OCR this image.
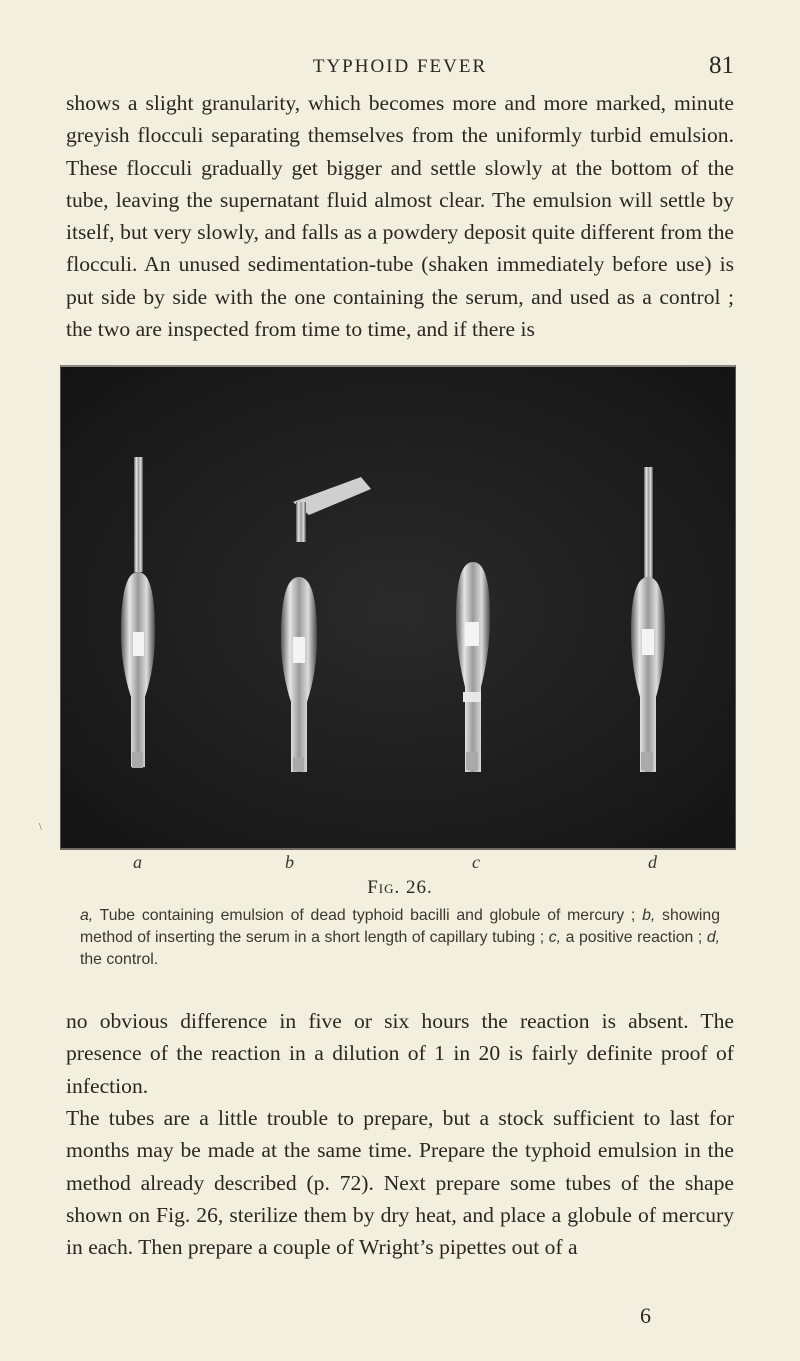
TYPHOID FEVER	81

shows a slight granularity, which becomes more and more marked, minute greyish flocculi separating themselves from the uniformly turbid emulsion. These flocculi gradually get bigger and settle slowly at the bottom of the tube, leaving the supernatant fluid almost clear. The emulsion will settle by itself, but very slowly, and falls as a powdery deposit quite different from the flocculi. An unused sedimentation-tube (shaken immediately before use) is put side by side with the one containing the serum, and used as a control ; the two are inspected from time to time, and if there is

\
a	b	c	d
Fig. 26.

a, Tube containing emulsion of dead typhoid bacilli and globule of mercury ; b, showing method of inserting the serum in a short length of capillary tubing ; c, a positive reaction ; d, the control.

no obvious difference in five or six hours the reaction is absent. The presence of the reaction in a dilution of 1 in 20 is fairly definite proof of infection.

The tubes are a little trouble to prepare, but a stock sufficient to last for months may be made at the same time. Prepare the typhoid emulsion in the method already described (p. 72). Next prepare some tubes of the shape shown on Fig. 26, sterilize them by dry heat, and place a globule of mercury in each. Then prepare a couple of Wright’s pipettes out of a

6
